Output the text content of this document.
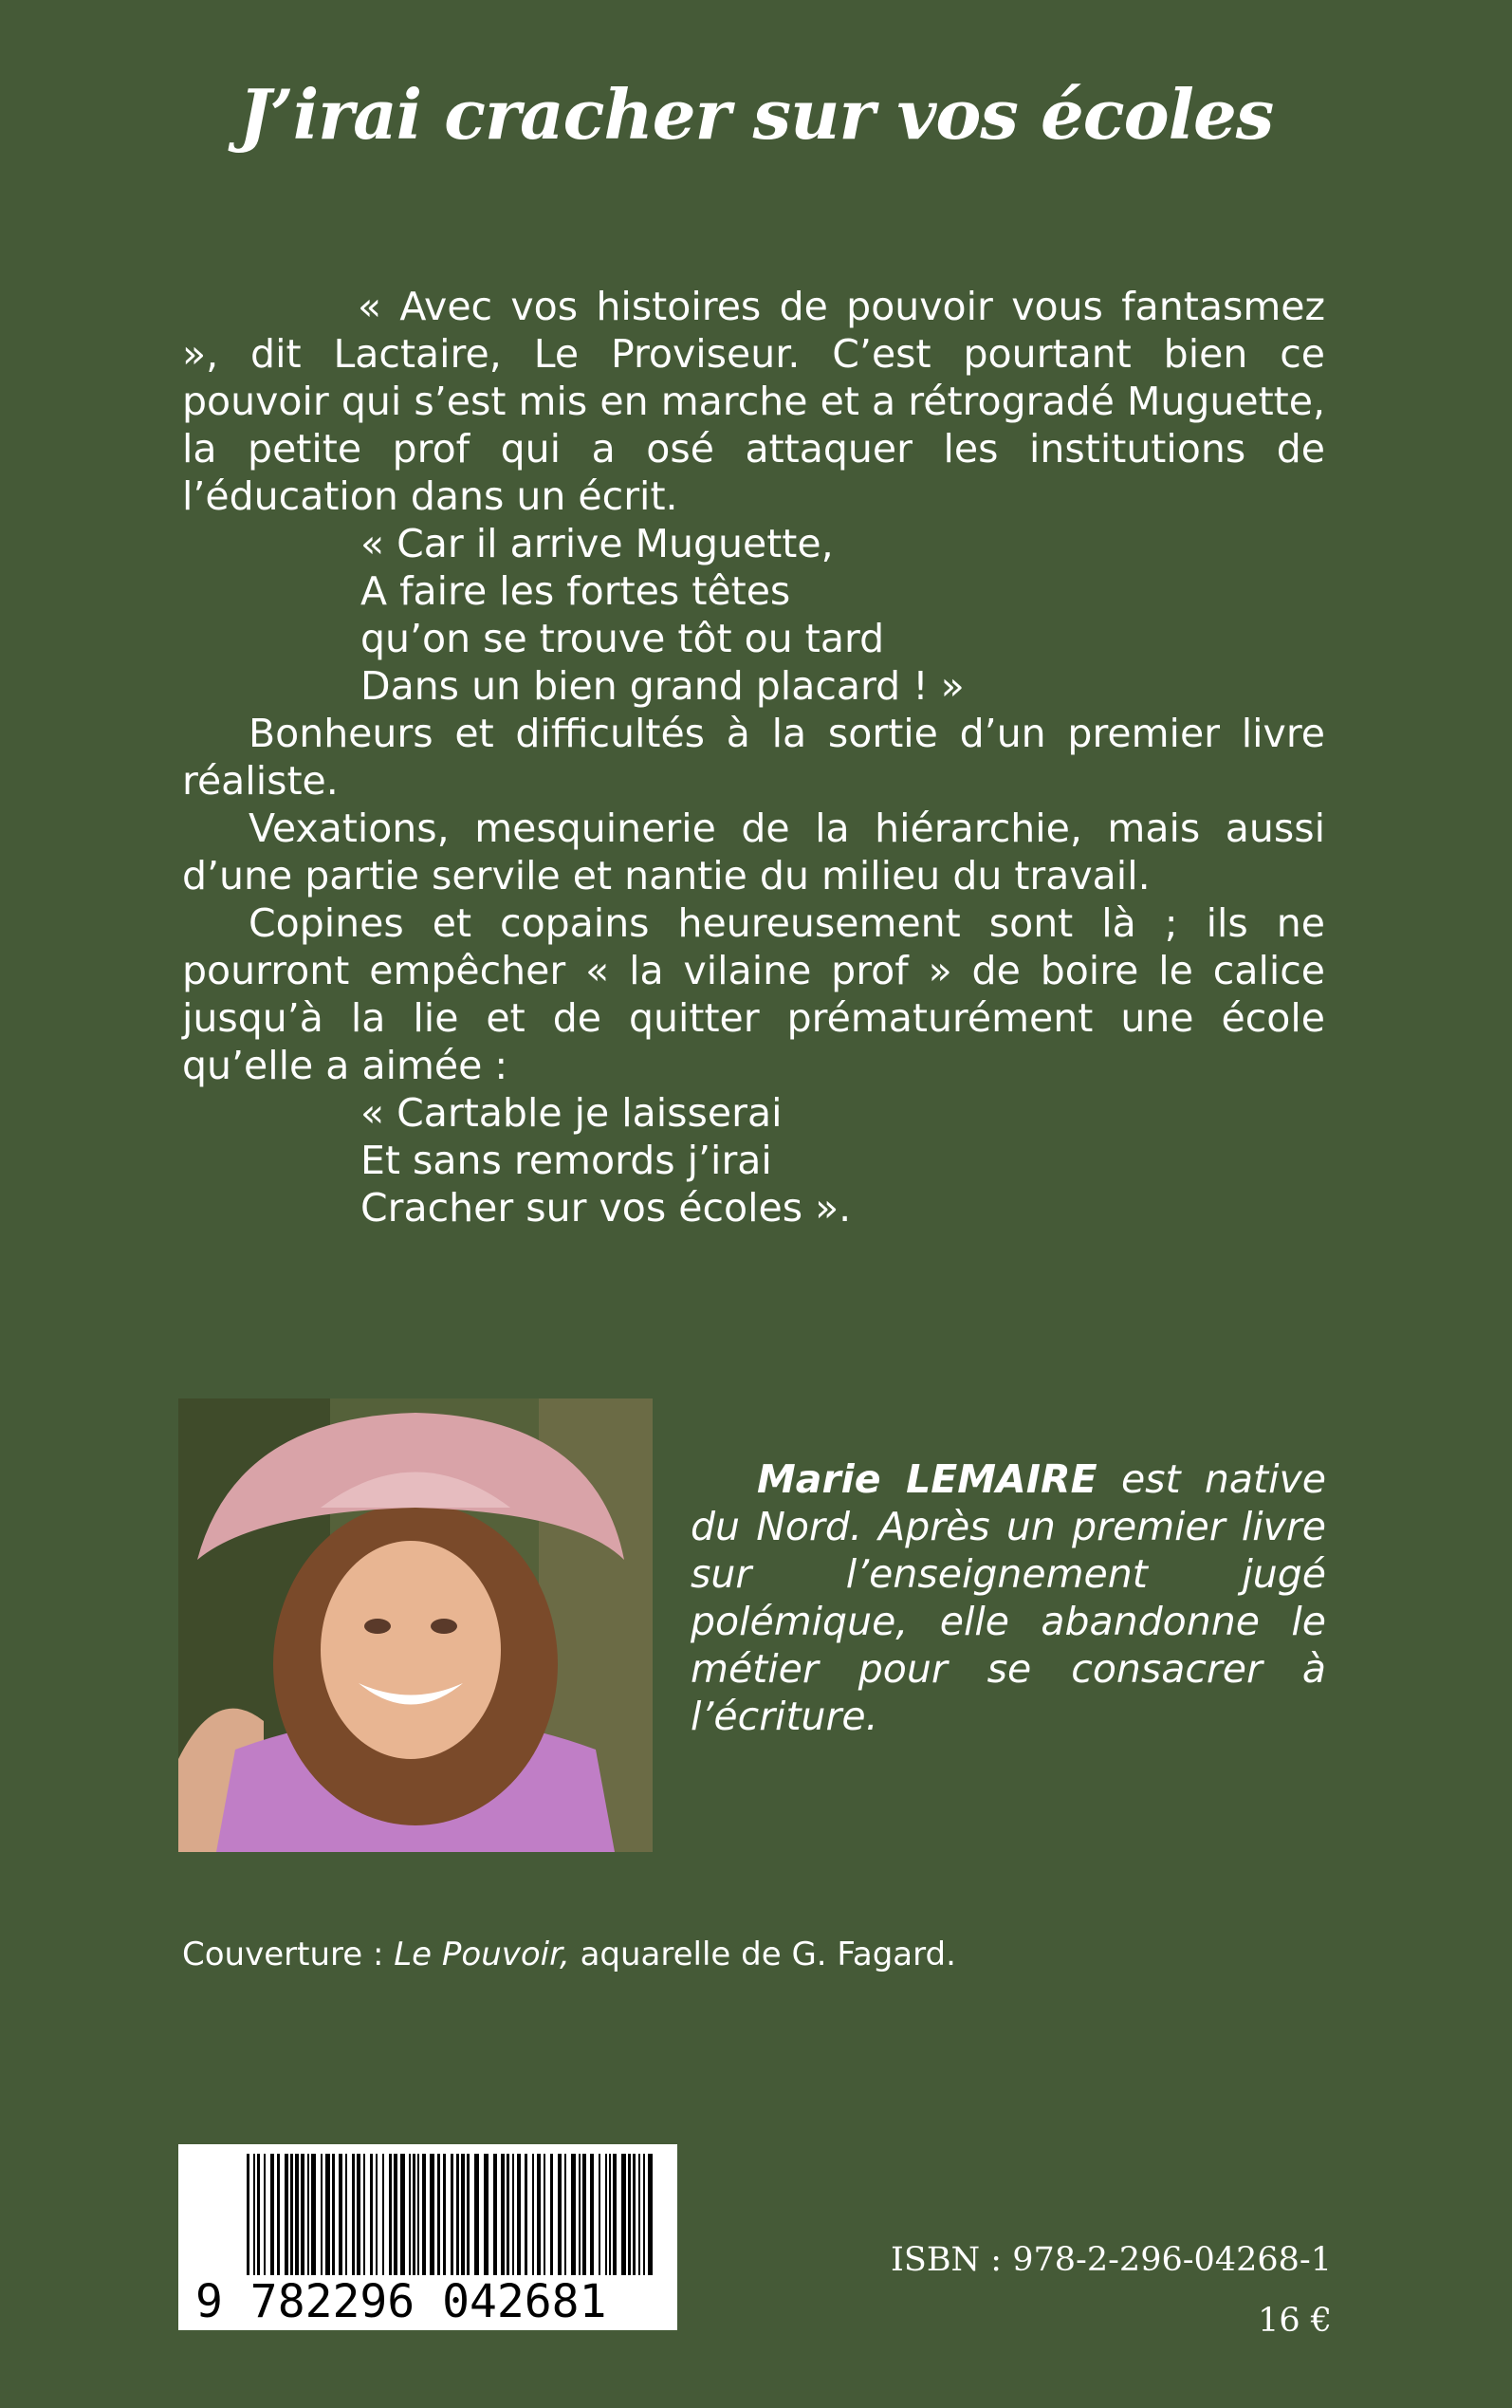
J’irai cracher sur vos écoles

« Avec vos histoires de pouvoir vous fantasmez », dit Lactaire, Le Proviseur. C’est pourtant bien ce pouvoir qui s’est mis en marche et a rétrogradé Muguette, la petite prof qui a osé attaquer les institutions de l’éducation dans un écrit.

« Car il arrive Muguette,
A faire les fortes têtes
qu’on se trouve tôt ou tard
Dans un bien grand placard ! »

Bonheurs et difficultés à la sortie d’un premier livre réaliste.

Vexations, mesquinerie de la hiérarchie, mais aussi d’une partie servile et nantie du milieu du travail.

Copines et copains heureusement sont là ; ils ne pourront empêcher « la vilaine prof » de boire le calice jusqu’à la lie et de quitter prématurément une école qu’elle a aimée :

« Cartable je laisserai
Et sans remords j’irai
Cracher sur vos écoles ».

Marie LEMAIRE est native du Nord. Après un premier livre sur l’enseignement jugé polémique, elle abandonne le métier pour se consacrer à l’écriture.

Couverture : Le Pouvoir, aquarelle de G. Fagard.

9 782296 042681

ISBN : 978-2-296-04268-1

16 €
